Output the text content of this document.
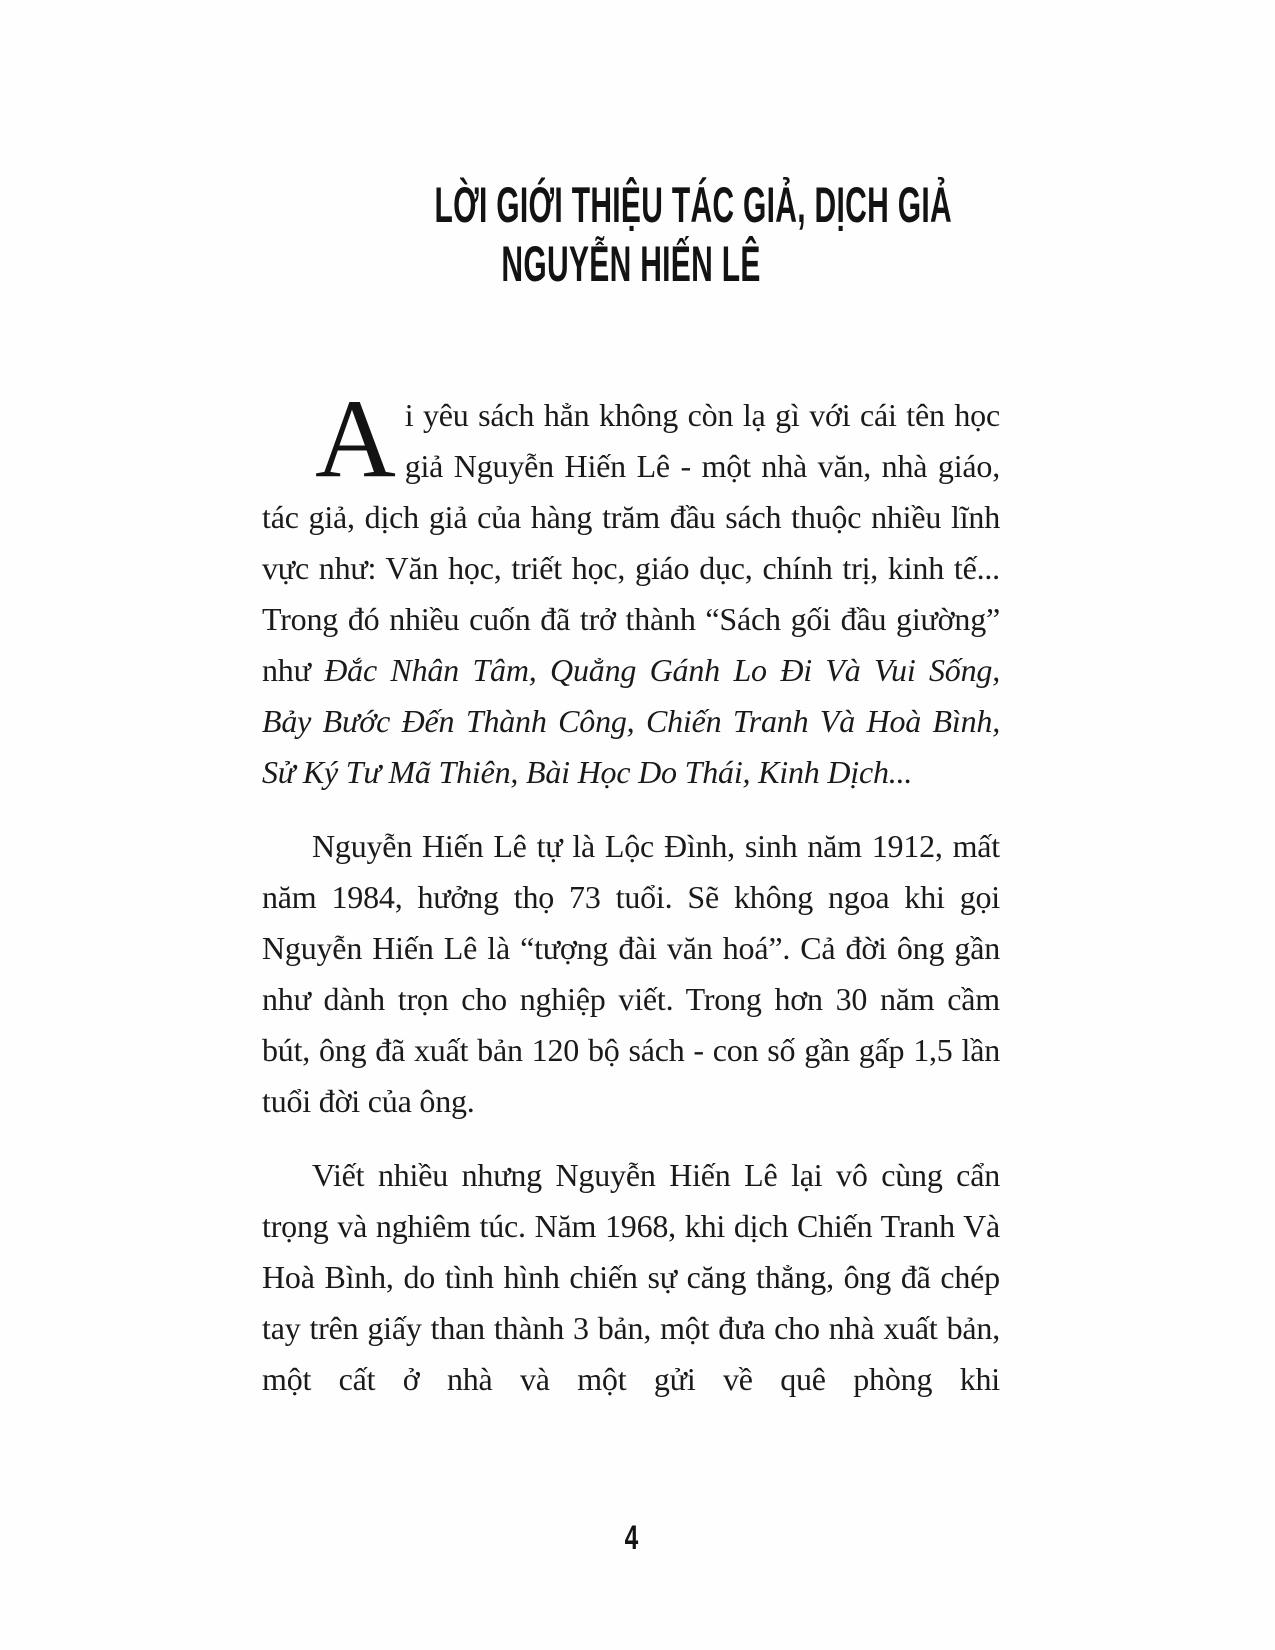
LỜI GIỚI THIỆU TÁC GIẢ, DỊCH GIẢ
NGUYỄN HIẾN LÊ

Ai yêu sách hẳn không còn lạ gì với cái tên học giả Nguyễn Hiến Lê - một nhà văn, nhà giáo, tác giả, dịch giả của hàng trăm đầu sách thuộc nhiều lĩnh vực như: Văn học, triết học, giáo dục, chính trị, kinh tế... Trong đó nhiều cuốn đã trở thành “Sách gối đầu giường” như Đắc Nhân Tâm, Quẳng Gánh Lo Đi Và Vui Sống, Bảy Bước Đến Thành Công, Chiến Tranh Và Hoà Bình, Sử Ký Tư Mã Thiên, Bài Học Do Thái, Kinh Dịch...

Nguyễn Hiến Lê tự là Lộc Đình, sinh năm 1912, mất năm 1984, hưởng thọ 73 tuổi. Sẽ không ngoa khi gọi Nguyễn Hiến Lê là “tượng đài văn hoá”. Cả đời ông gần như dành trọn cho nghiệp viết. Trong hơn 30 năm cầm bút, ông đã xuất bản 120 bộ sách - con số gần gấp 1,5 lần tuổi đời của ông.

Viết nhiều nhưng Nguyễn Hiến Lê lại vô cùng cẩn trọng và nghiêm túc. Năm 1968, khi dịch Chiến Tranh Và Hoà Bình, do tình hình chiến sự căng thẳng, ông đã chép tay trên giấy than thành 3 bản, một đưa cho nhà xuất bản, một cất ở nhà và một gửi về quê phòng khi

4
